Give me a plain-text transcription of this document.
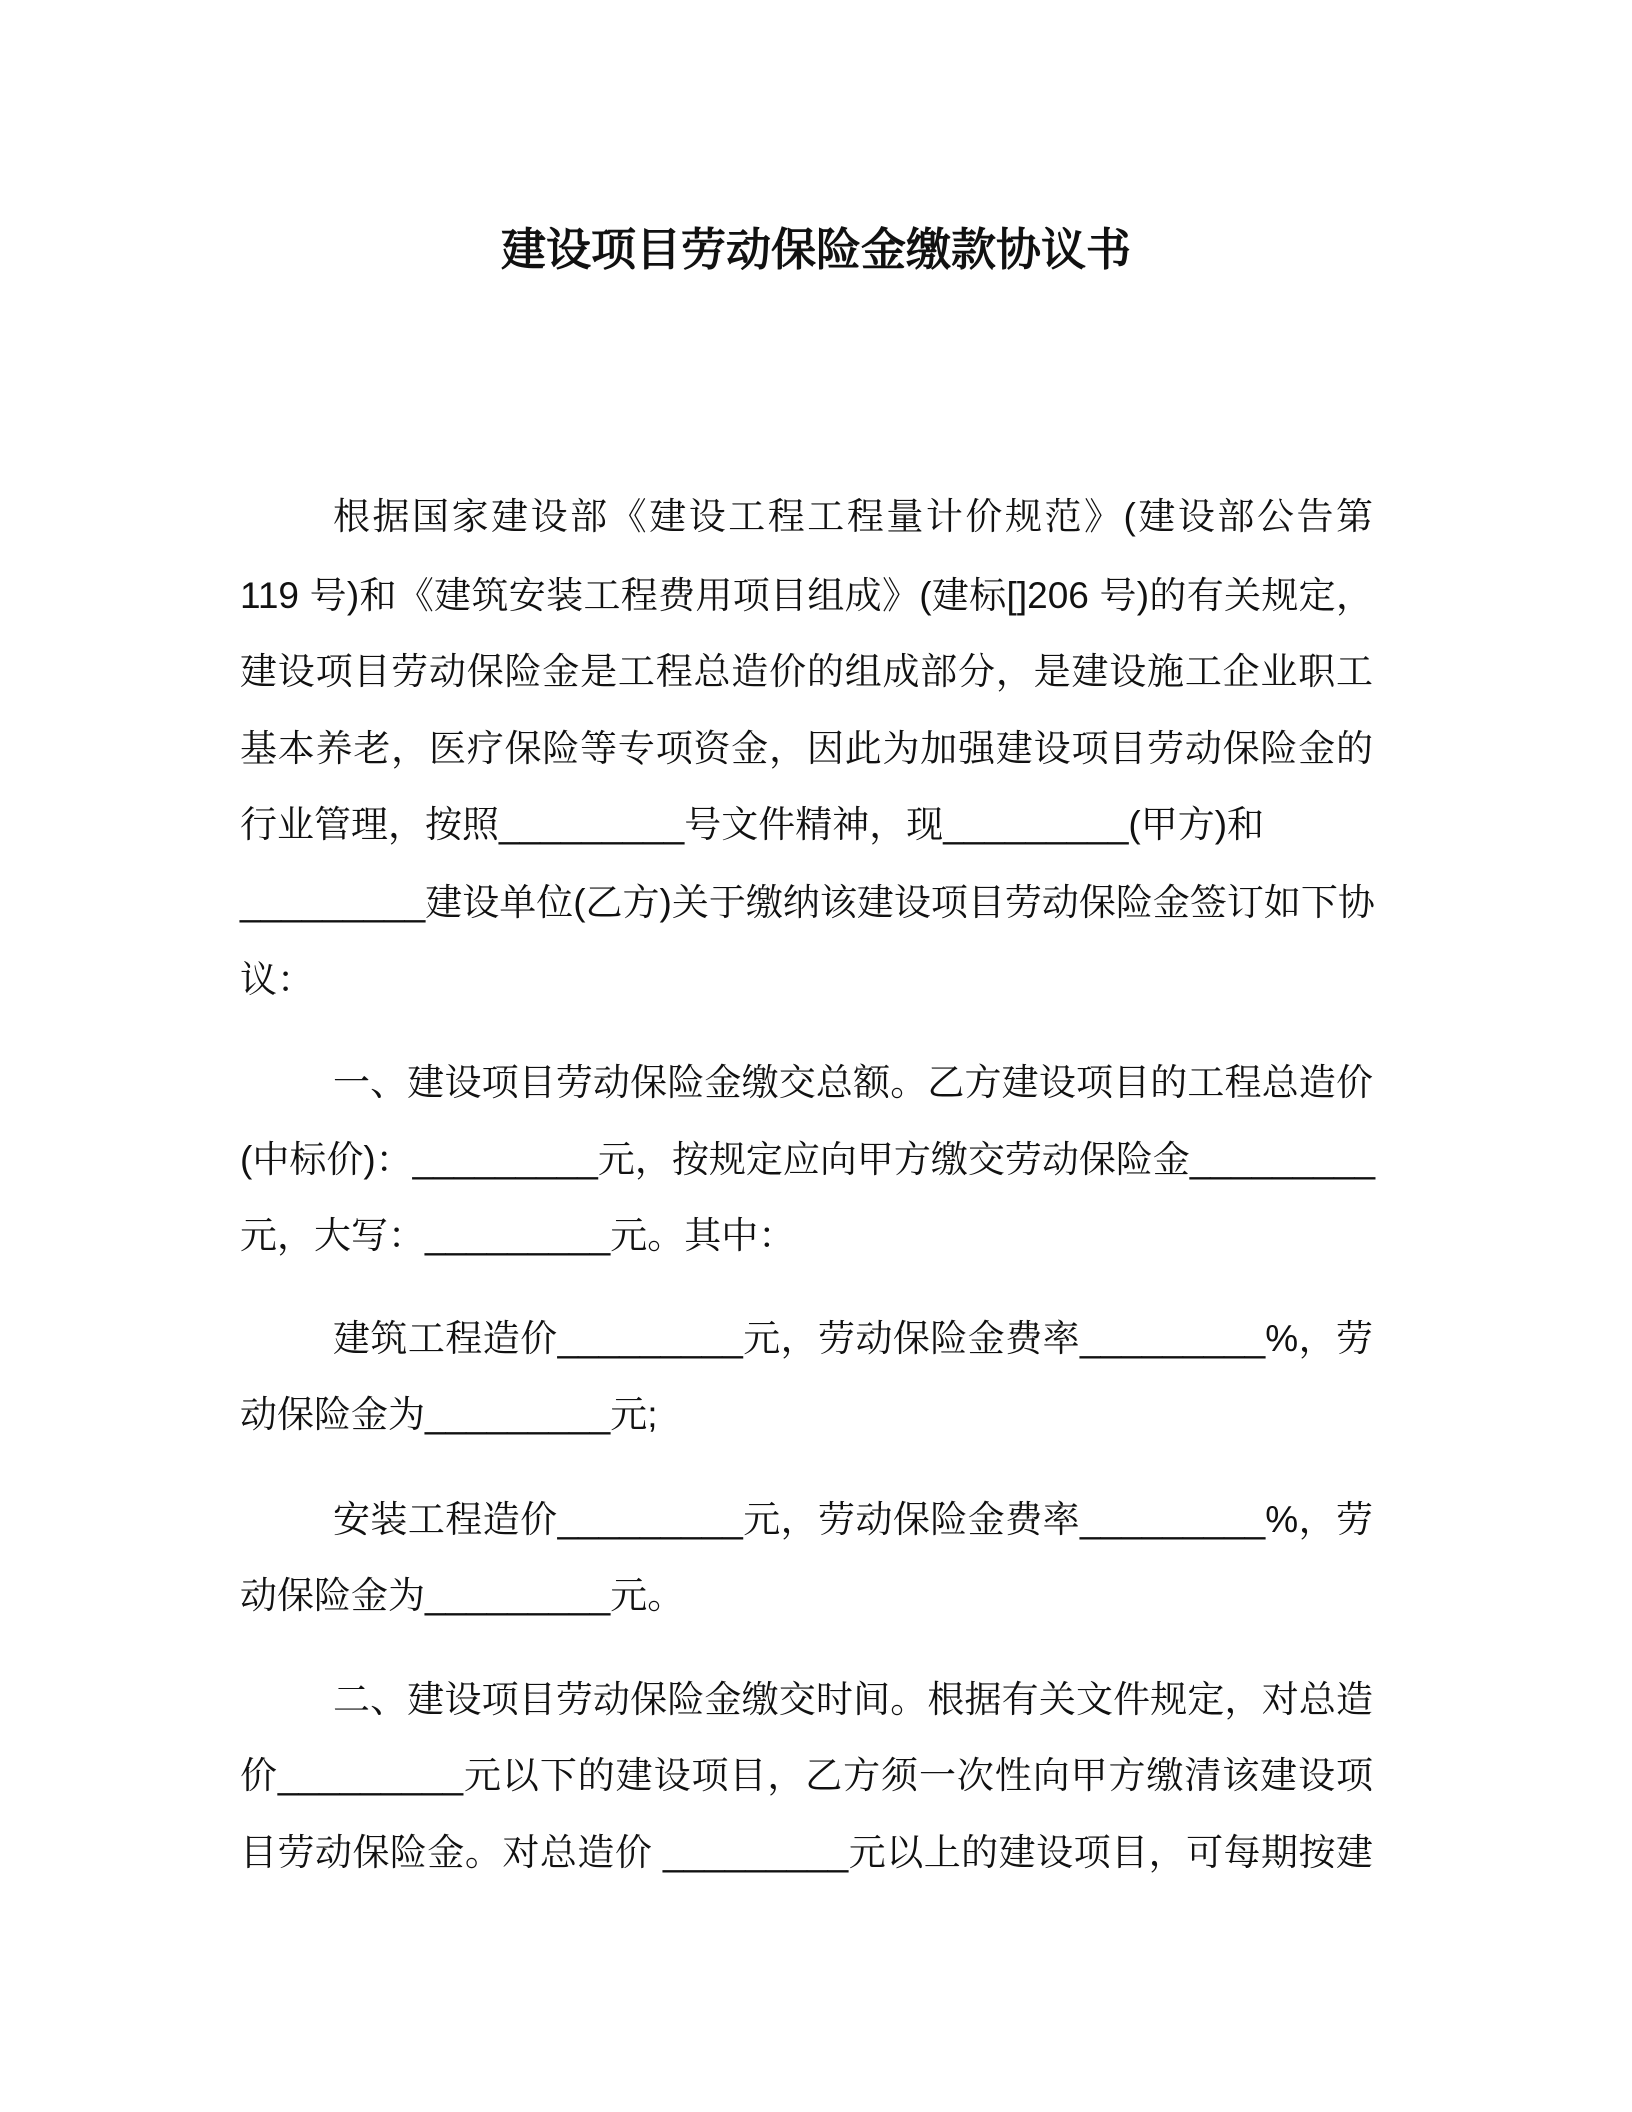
建设项目劳动保险金缴款协议书
根据国家建设部《建设工程工程量计价规范》(建设部公告第
119 号)和《建筑安装工程费用项目组成》(建标[]206 号)的有关规定，
建设项目劳动保险金是工程总造价的组成部分，是建设施工企业职工
基本养老，医疗保险等专项资金，因此为加强建设项目劳动保险金的
行业管理，按照_________号文件精神，现_________(甲方)和
_________建设单位(乙方)关于缴纳该建设项目劳动保险金签订如下协
议：
一、建设项目劳动保险金缴交总额。乙方建设项目的工程总造价
(中标价)：_________元，按规定应向甲方缴交劳动保险金_________
元，大写：_________元。其中：
建筑工程造价_________元，劳动保险金费率_________%，劳
动保险金为_________元;
安装工程造价_________元，劳动保险金费率_________%，劳
动保险金为_________元。
二、建设项目劳动保险金缴交时间。根据有关文件规定，对总造
价_________元以下的建设项目，乙方须一次性向甲方缴清该建设项
目劳动保险金。对总造价 _________元以上的建设项目，可每期按建
